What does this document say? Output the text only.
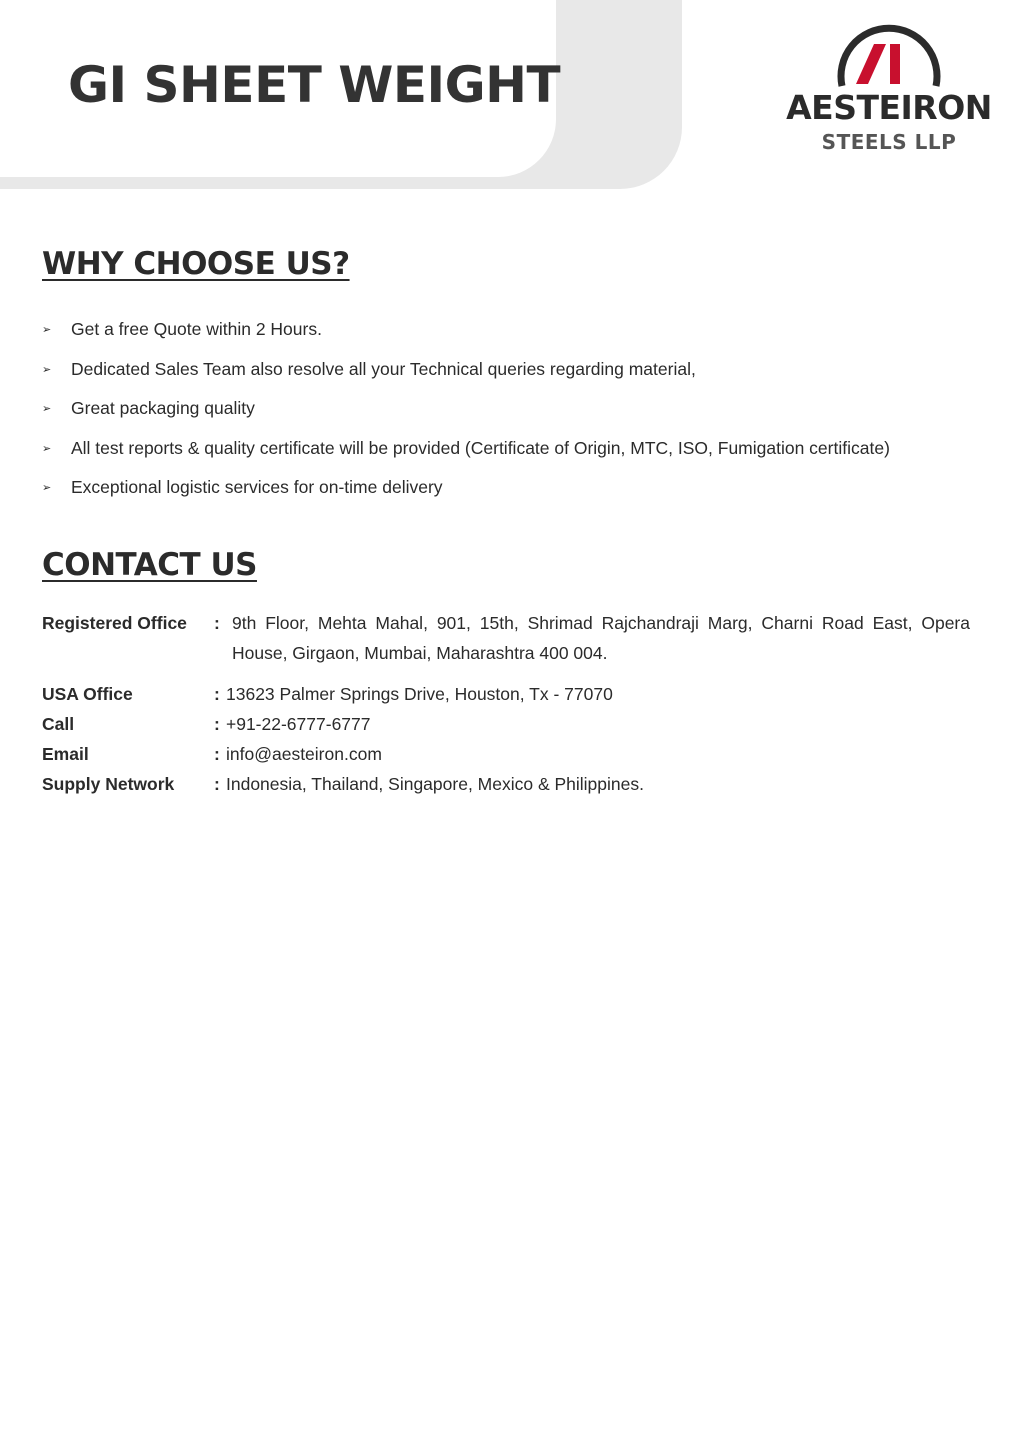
GI SHEET WEIGHT	AESTEIRON
STEELS LLP
WHY CHOOSE US?
➢	Get a free Quote within 2 Hours.
➢	Dedicated Sales Team also resolve all your Technical queries regarding material,
➢	Great packaging quality
➢	All test reports & quality certificate will be provided (Certificate of Origin, MTC, ISO, Fumigation certificate)
➢	Exceptional logistic services for on-time delivery
CONTACT US
Registered Office	: 9th Floor, Mehta Mahal, 901, 15th, Shrimad Rajchandraji Marg, Charni Road East, Opera House, Girgaon, Mumbai, Maharashtra 400 004.
USA Office	: 13623 Palmer Springs Drive, Houston, Tx - 77070
Call	: +91-22-6777-6777
Email	: info@aesteiron.com
Supply Network	: Indonesia, Thailand, Singapore, Mexico & Philippines.
